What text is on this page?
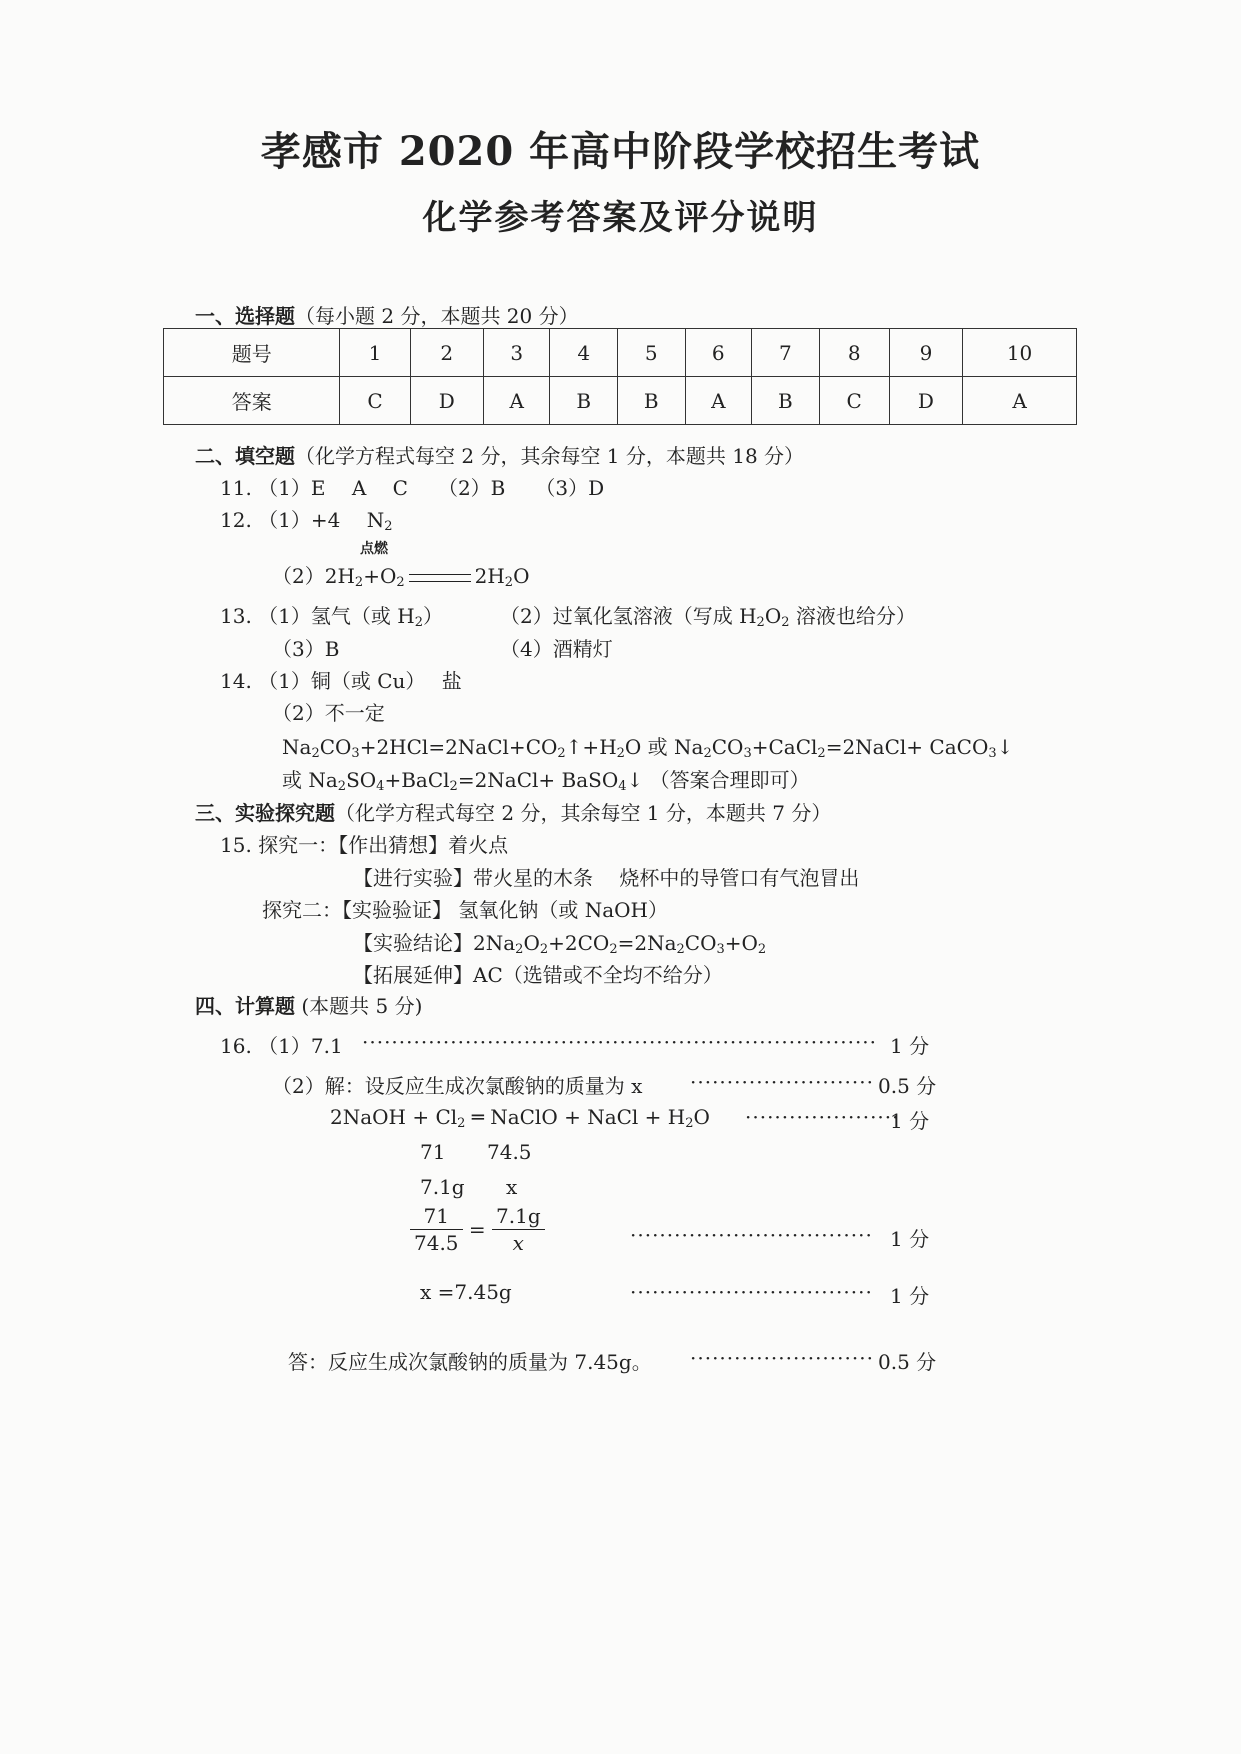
孝感市 2020 年高中阶段学校招生考试
化学参考答案及评分说明
一、选择题（每小题 2 分，本题共 20 分）
题号	1	2	3	4	5	6	7	8	9	10
答案	C	D	A	B	B	A	B	C	D	A
二、填空题（化学方程式每空 2 分，其余每空 1 分，本题共 18 分）
11. （1）E　 A　 C　　（2）B　　（3）D
12. （1）+4　 $N_2$
$(2)2H_2+O_2$	$2H_2O$
点燃
13. （1）氢气（或 $H_2$）	（2）过氧化氢溶液（写成 $H_2O_2$ 溶液也给分）
（3）B	（4）酒精灯
14. （1）铜（或 Cu）　 盐
（2）不一定
$Na_2CO_3+2HCl=2NaCl+CO_2↑+H_2O$ 或 $Na_2CO_3+CaCl_2=2NaCl+$ CaCO$_3$↓
或 $Na_2SO_4+BaCl_2=2NaCl+$ BaSO$_4$↓ （答案合理即可）
三、实验探究题（化学方程式每空 2 分，其余每空 1 分，本题共 7 分）
15. 探究一：【作出猜想】着火点
【进行实验】带火星的木条　 烧杯中的导管口有气泡冒出
探究二：【实验验证】 氢氧化钠（或 NaOH）
【实验结论】$2Na_2O_2+2CO_2=2Na_2CO_3+O_2$
【拓展延伸】AC（选错或不全均不给分）
四、计算题 (本题共 5 分)
16. （1）7.1 ······································································ 1 分
（2）解：设反应生成次氯酸钠的质量为 x ························· 0.5 分
2NaOH + $Cl_2$ ═ NaClO + NaCl + $H_2O$ ·····················
1 分
71 74.5
7.1g x
$\frac{71}{74.5} = \frac{7.1g}{x}$	································· 1 分
x =7.45g	································· 1 分
答：反应生成次氯酸钠的质量为 7.45g。 ························· 0.5 分
